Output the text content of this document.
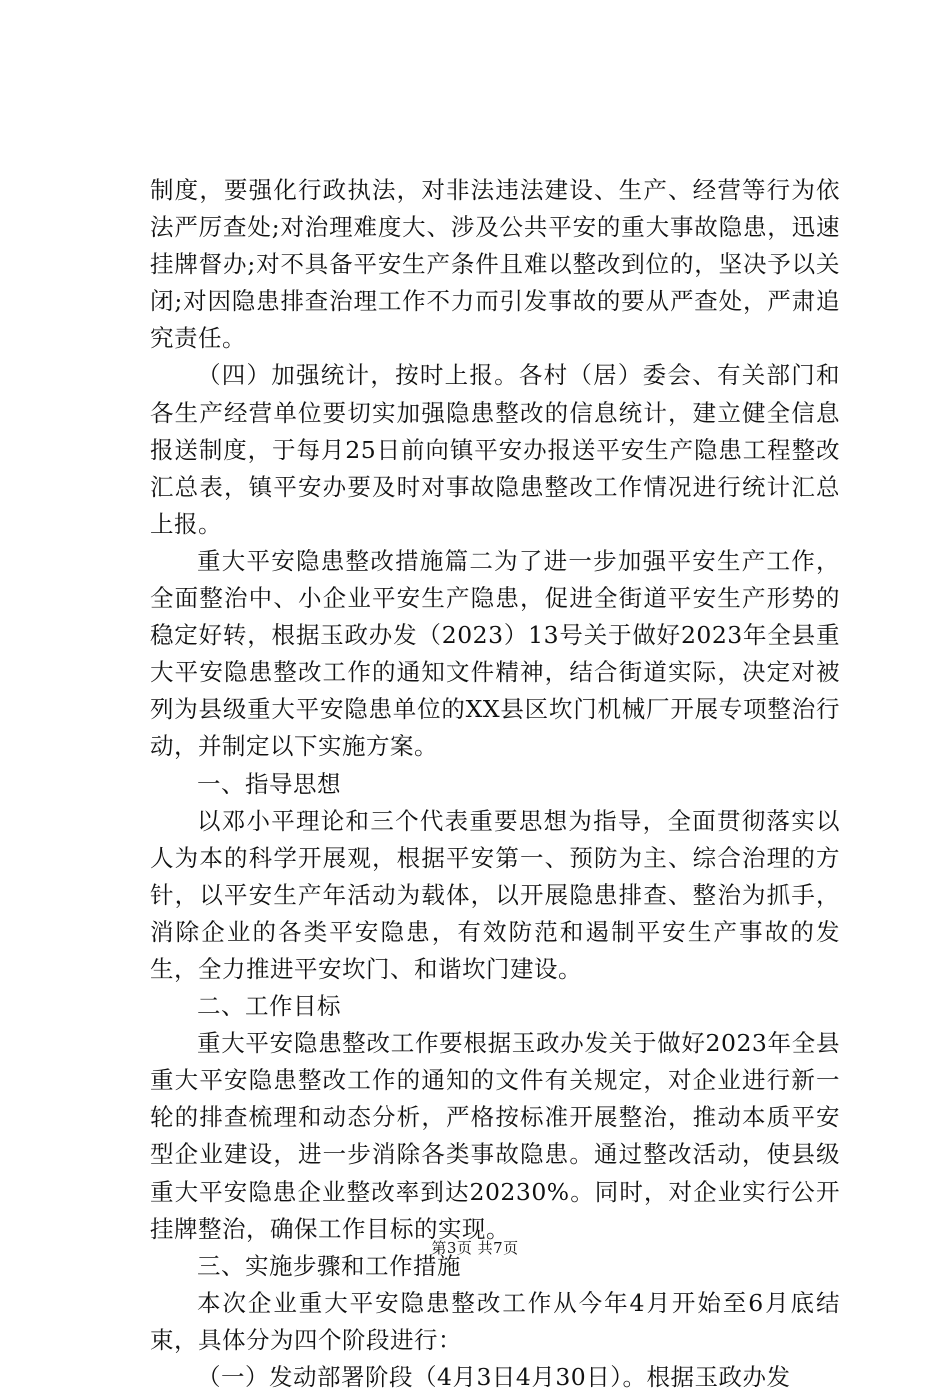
制度，要强化行政执法，对非法违法建设、生产、经营等行为依法严厉查处;对治理难度大、涉及公共平安的重大事故隐患，迅速挂牌督办;对不具备平安生产条件且难以整改到位的，坚决予以关闭;对因隐患排查治理工作不力而引发事故的要从严查处，严肃追究责任。

（四）加强统计，按时上报。各村（居）委会、有关部门和各生产经营单位要切实加强隐患整改的信息统计，建立健全信息报送制度，于每月25日前向镇平安办报送平安生产隐患工程整改汇总表，镇平安办要及时对事故隐患整改工作情况进行统计汇总上报。

重大平安隐患整改措施篇二为了进一步加强平安生产工作，全面整治中、小企业平安生产隐患，促进全街道平安生产形势的稳定好转，根据玉政办发（2023）13号关于做好2023年全县重大平安隐患整改工作的通知文件精神，结合街道实际，决定对被列为县级重大平安隐患单位的XX县区坎门机械厂开展专项整治行动，并制定以下实施方案。

一、指导思想

以邓小平理论和三个代表重要思想为指导，全面贯彻落实以人为本的科学开展观，根据平安第一、预防为主、综合治理的方针，以平安生产年活动为载体，以开展隐患排查、整治为抓手，消除企业的各类平安隐患，有效防范和遏制平安生产事故的发生，全力推进平安坎门、和谐坎门建设。

二、工作目标

重大平安隐患整改工作要根据玉政办发关于做好2023年全县重大平安隐患整改工作的通知的文件有关规定，对企业进行新一轮的排查梳理和动态分析，严格按标准开展整治，推动本质平安型企业建设，进一步消除各类事故隐患。通过整改活动，使县级重大平安隐患企业整改率到达20230%。同时，对企业实行公开挂牌整治，确保工作目标的实现。

三、实施步骤和工作措施

本次企业重大平安隐患整改工作从今年4月开始至6月底结束，具体分为四个阶段进行：

（一）发动部署阶段（4月3日4月30日）。根据玉政办发

第3页 共7页
